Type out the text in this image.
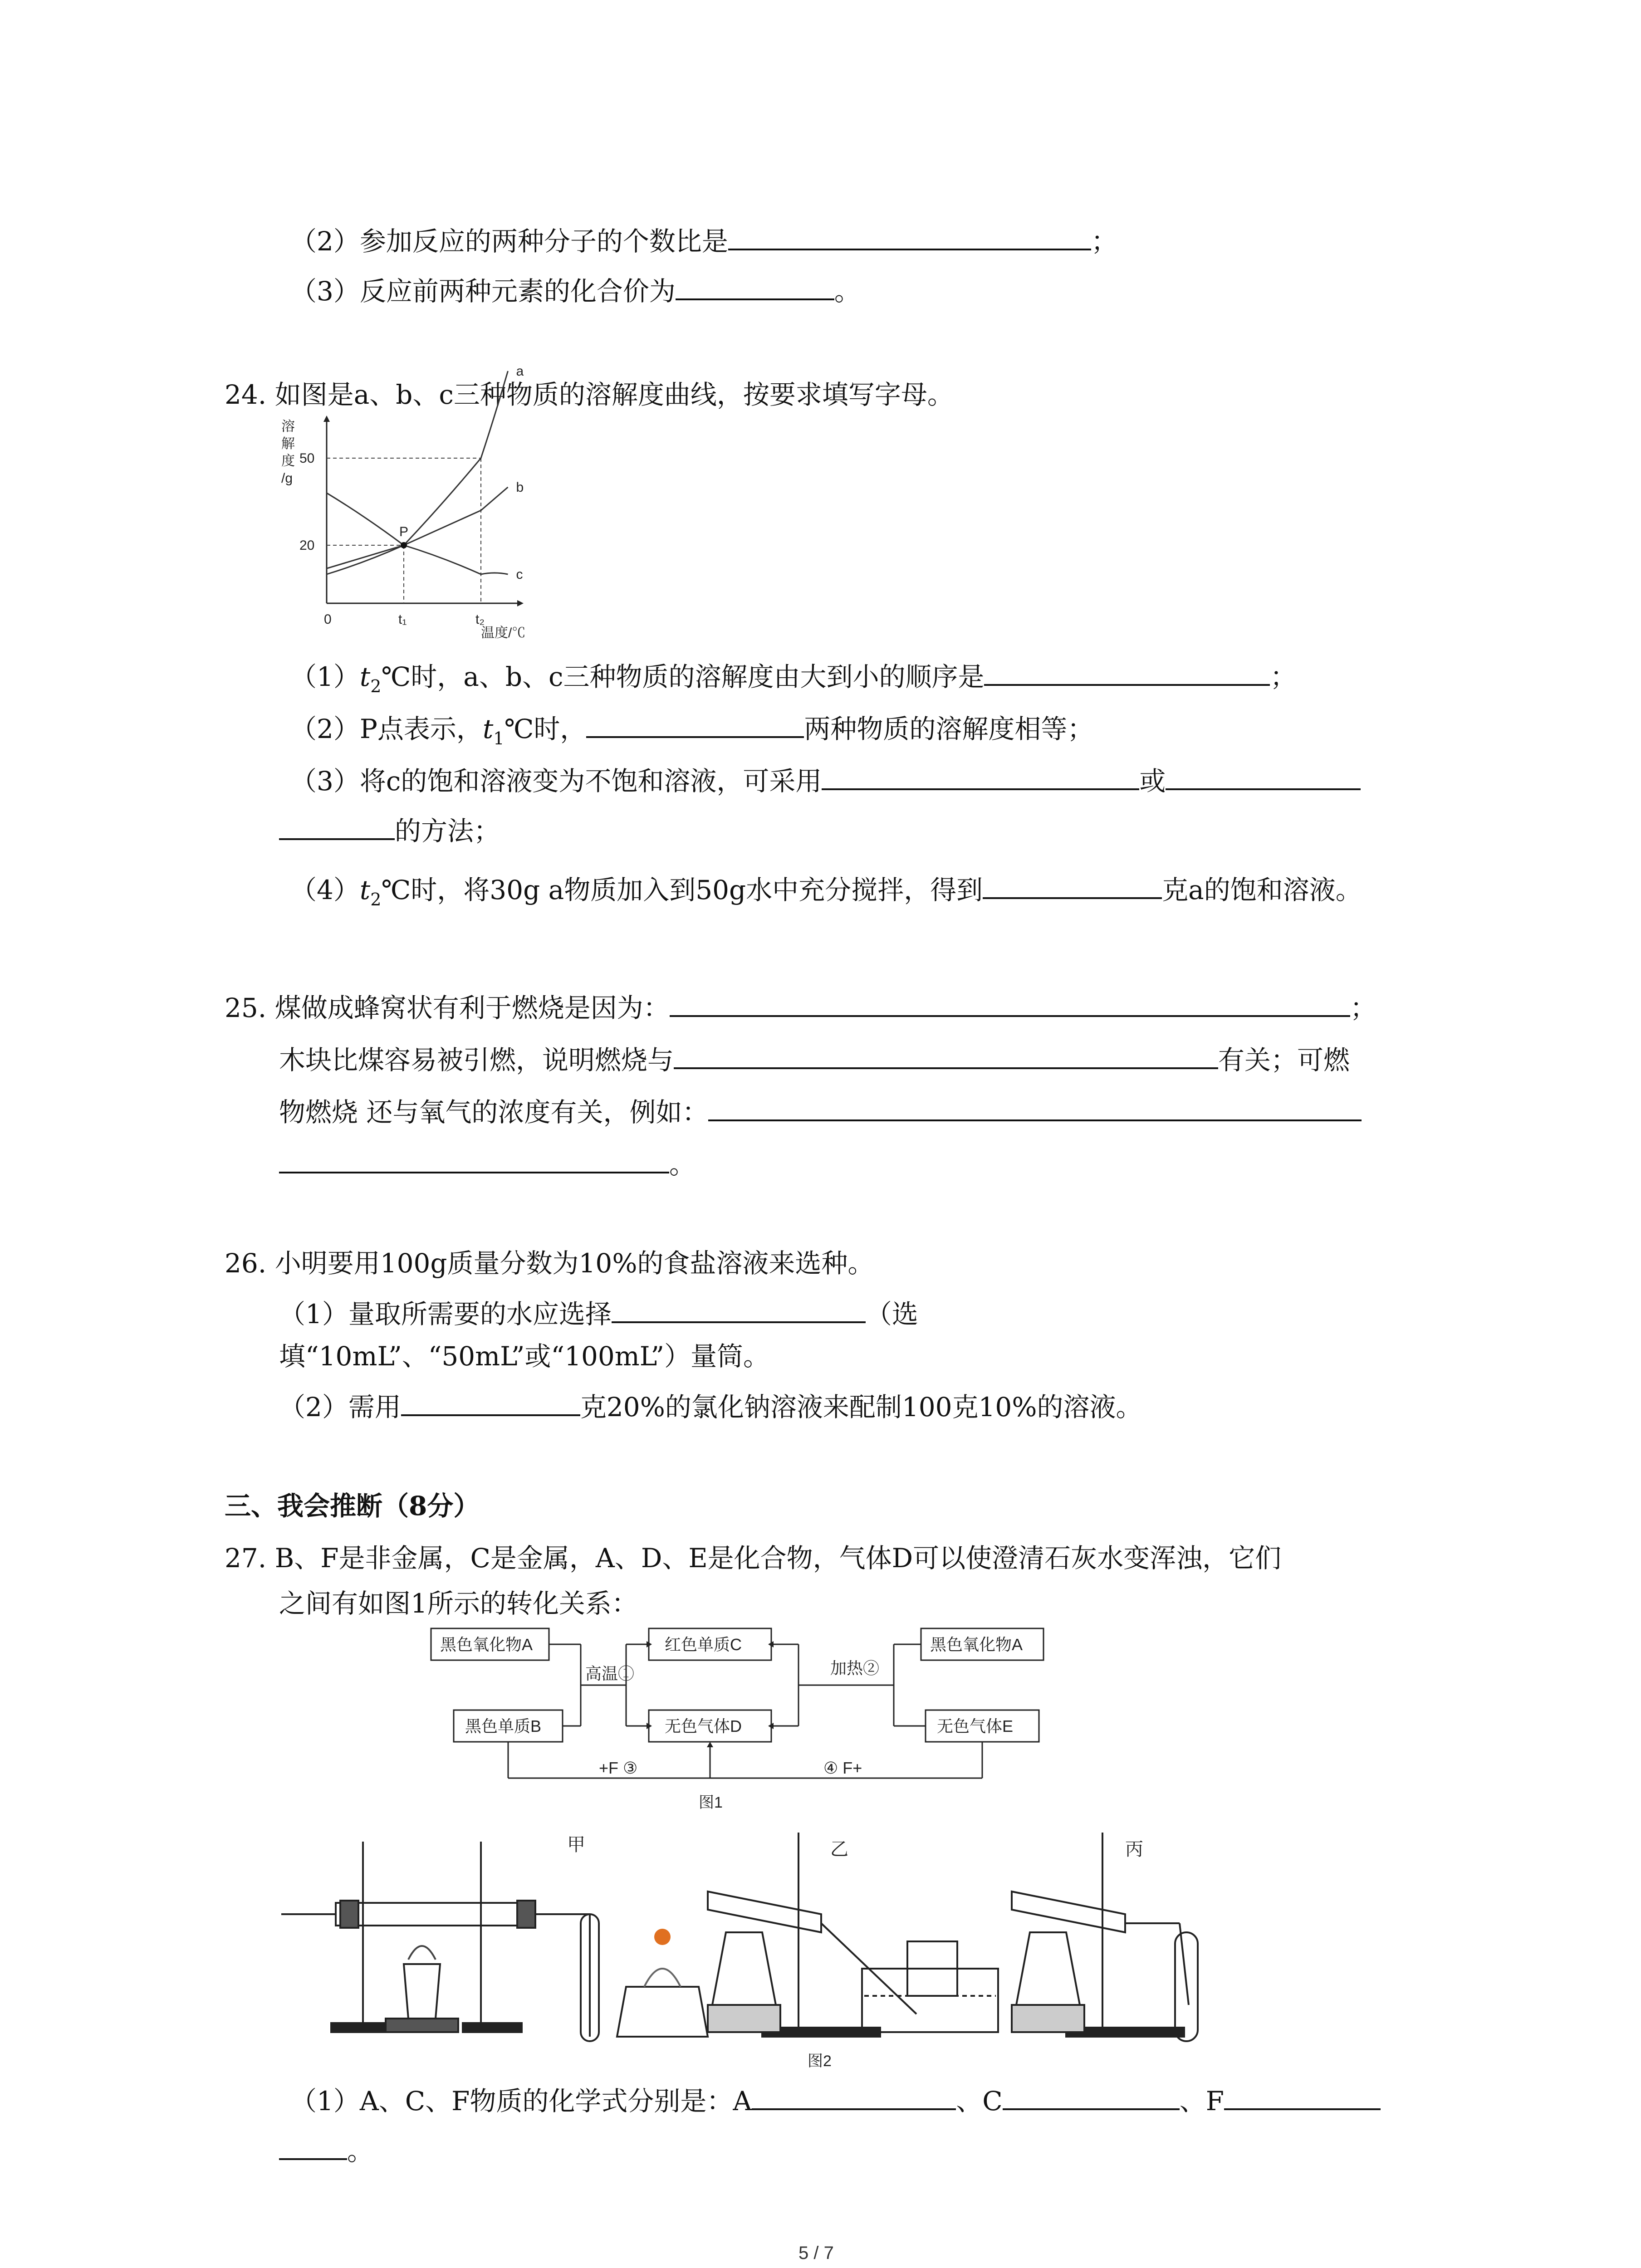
（2）参加反应的两种分子的个数比是	；
（3）反应前两种元素的化合价为	。
24. 如图是a、b、c三种物质的溶解度曲线，按要求填写字母。
溶
解
度
/g
温度/℃
0
a
b
c
P
t₁	t₂
20
50
$(1)t_2℃$时，a、b、c三种物质的溶解度由大到小的顺序是	；
（2）P点表示，$t_1℃$时，	两种物质的溶解度相等；
（3）将c的饱和溶液变为不饱和溶液，可采用	或
的方法；
$(4)t_2℃$时，将30g a物质加入到50g水中充分搅拌，得到	克a的饱和溶液。
25. 煤做成蜂窝状有利于燃烧是因为：	；
木块比煤容易被引燃，说明燃烧与	有关；可燃
物燃烧 还与氧气的浓度有关，例如：
。
26. 小明要用100g质量分数为10%的食盐溶液来选种。
（1）量取所需要的水应选择	（选
填“10mL”、“50mL”或“100mL”）量筒。
（2）需用	克20%的氯化钠溶液来配制100克10%的溶液。
三、我会推断（8分）
27. B、F是非金属，C是金属，A、D、E是化合物，气体D可以使澄清石灰水变浑浊，它们
之间有如图1所示的转化关系：
黑色氧化物A
黑色单质B
红色单质C
无色气体D
黑色氧化物A
无色气体E
高温①	加热②
+F ③	④ F+
图1
甲	乙	丙
图2
（1）A、C、F物质的化学式分别是：A	、C	、F
。
5 / 7
